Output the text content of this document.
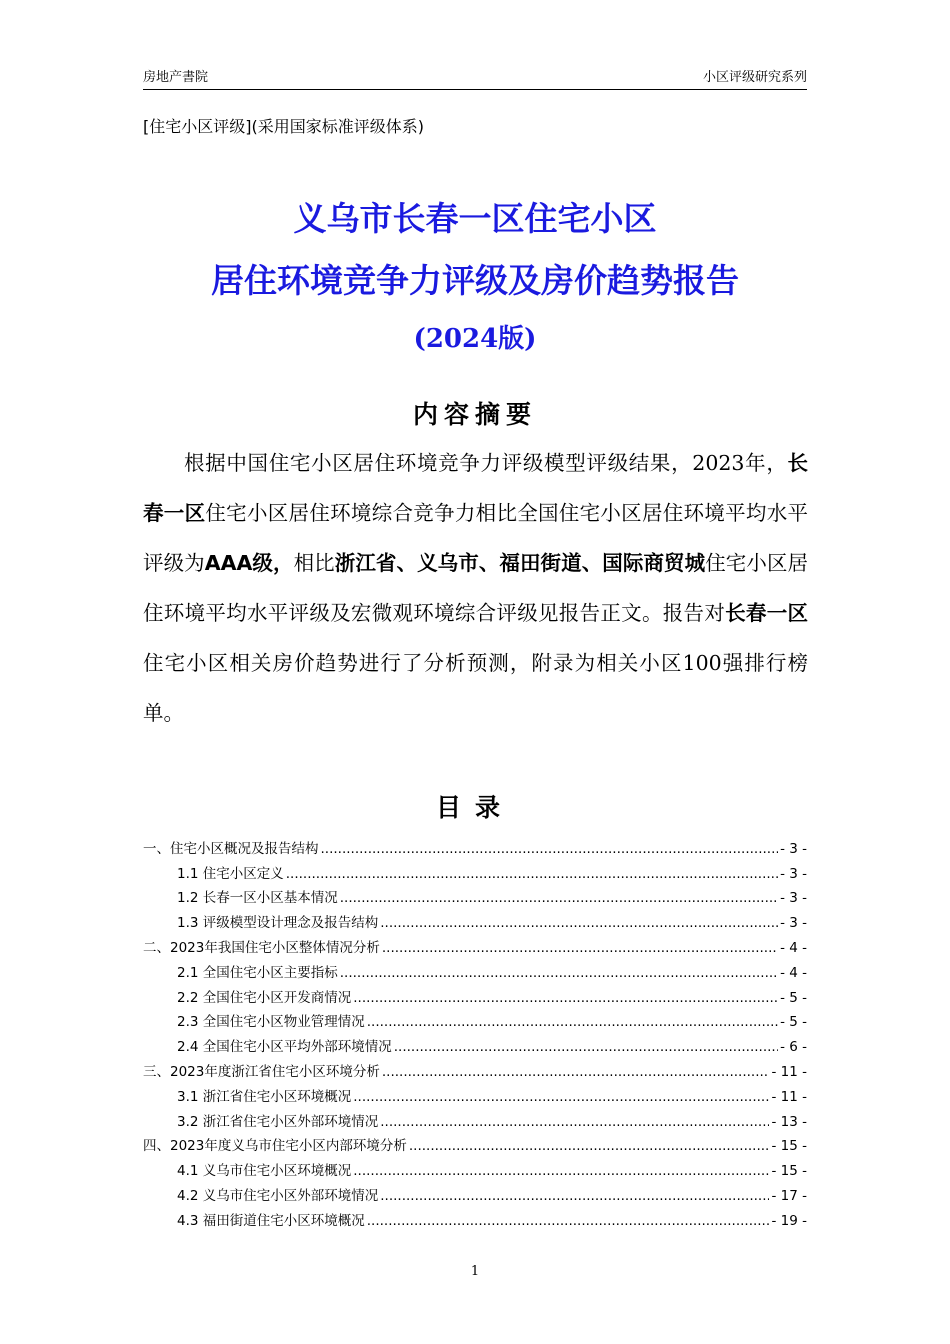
房地产書院	小区评级研究系列
[住宅小区评级](采用国家标准评级体系)
义乌市长春一区住宅小区
居住环境竞争力评级及房价趋势报告
(2024版)
内容摘要
根据中国住宅小区居住环境竞争力评级模型评级结果，2023年，长春一区住宅小区居住环境综合竞争力相比全国住宅小区居住环境平均水平评级为AAA级，相比浙江省、义乌市、福田街道、国际商贸城住宅小区居住环境平均水平评级及宏微观环境综合评级见报告正文。报告对长春一区住宅小区相关房价趋势进行了分析预测，附录为相关小区100强排行榜单。
目录
一、住宅小区概况及报告结构 .....	- 3 -
1.1 住宅小区定义 .....	- 3 -
1.2 长春一区小区基本情况 .....	- 3 -
1.3 评级模型设计理念及报告结构 .....	- 3 -
二、2023年我国住宅小区整体情况分析 .....	- 4 -
2.1 全国住宅小区主要指标 .....	- 4 -
2.2 全国住宅小区开发商情况 .....	- 5 -
2.3 全国住宅小区物业管理情况 .....	- 5 -
2.4 全国住宅小区平均外部环境情况 .....	- 6 -
三、2023年度浙江省住宅小区环境分析 .....	- 11 -
3.1 浙江省住宅小区环境概况 .....	- 11 -
3.2 浙江省住宅小区外部环境情况 .....	- 13 -
四、2023年度义乌市住宅小区内部环境分析 .....	- 15 -
4.1 义乌市住宅小区环境概况 .....	- 15 -
4.2 义乌市住宅小区外部环境情况 .....	- 17 -
4.3 福田街道住宅小区环境概况 .....	- 19 -
1
